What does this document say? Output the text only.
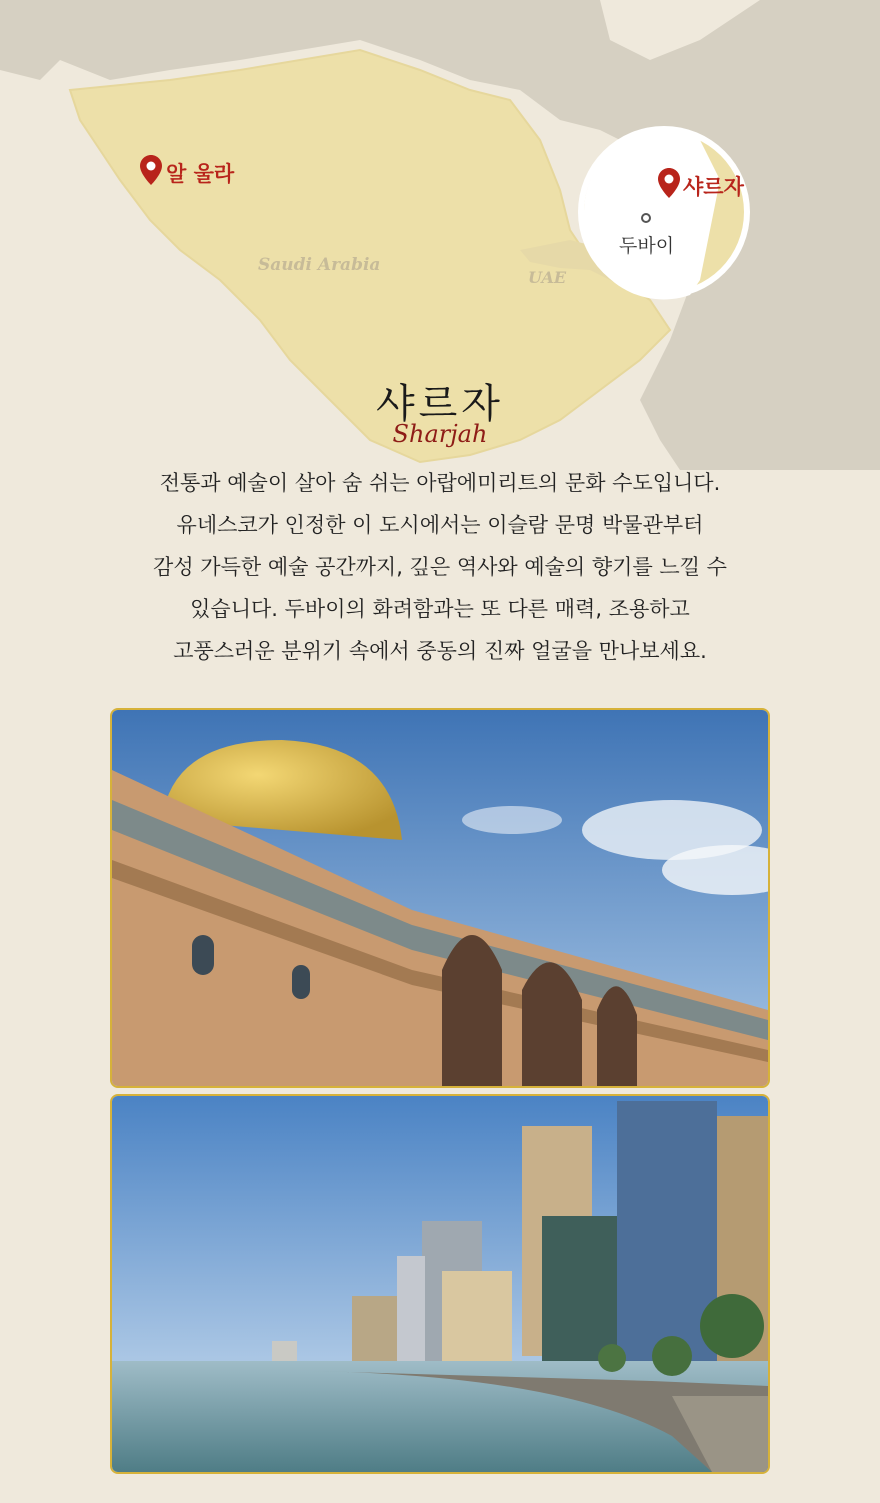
알 울라
Saudi Arabia
UAE
샤르자
두바이
샤르자
Sharjah
전통과 예술이 살아 숨 쉬는 아랍에미리트의 문화 수도입니다.
유네스코가 인정한 이 도시에서는 이슬람 문명 박물관부터
감성 가득한 예술 공간까지, 깊은 역사와 예술의 향기를 느낄 수
있습니다. 두바이의 화려함과는 또 다른 매력, 조용하고
고풍스러운 분위기 속에서 중동의 진짜 얼굴을 만나보세요.
